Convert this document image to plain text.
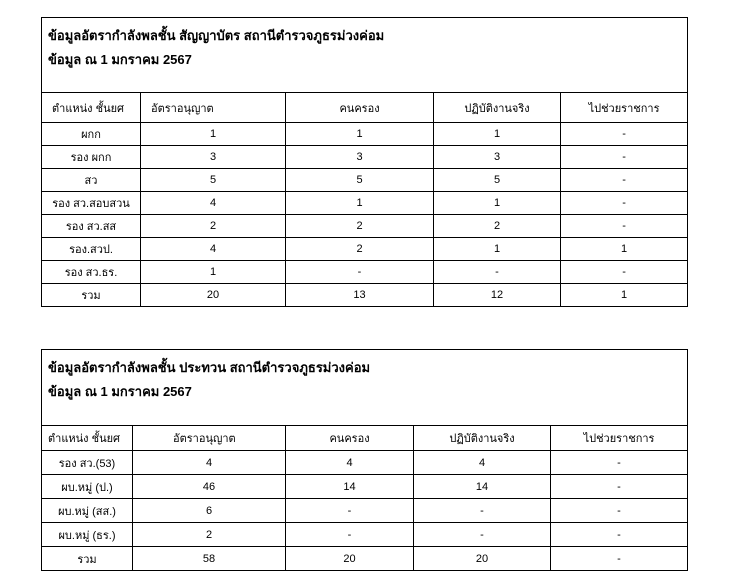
ข้อมูลอัตรากำลังพลชั้น สัญญาบัตร สถานีตำรวจภูธรม่วงค่อม
ข้อมูล ณ 1 มกราคม 2567				

ตำแหน่ง ชั้นยศ	อัตราอนุญาต	คนครอง	ปฏิบัติงานจริง	ไปช่วยราชการ
ผกก	1	1	1	-
รอง ผกก	3	3	3	-
สว	5	5	5	-
รอง สว.สอบสวน	4	1	1	-
รอง สว.สส	2	2	2	-
รอง.สวป.	4	2	1	1
รอง สว.ธร.	1	-	-	-
รวม	20	13	12	1
ข้อมูลอัตรากำลังพลชั้น ประทวน สถานีตำรวจภูธรม่วงค่อม
ข้อมูล ณ 1 มกราคม 2567				

ตำแหน่ง ชั้นยศ	อัตราอนุญาต	คนครอง	ปฏิบัติงานจริง	ไปช่วยราชการ
รอง สว.(53)	4	4	4	-
ผบ.หมู่ (ป.)	46	14	14	-
ผบ.หมู่ (สส.)	6	-	-	-
ผบ.หมู่ (ธร.)	2	-	-	-
รวม	58	20	20	-
